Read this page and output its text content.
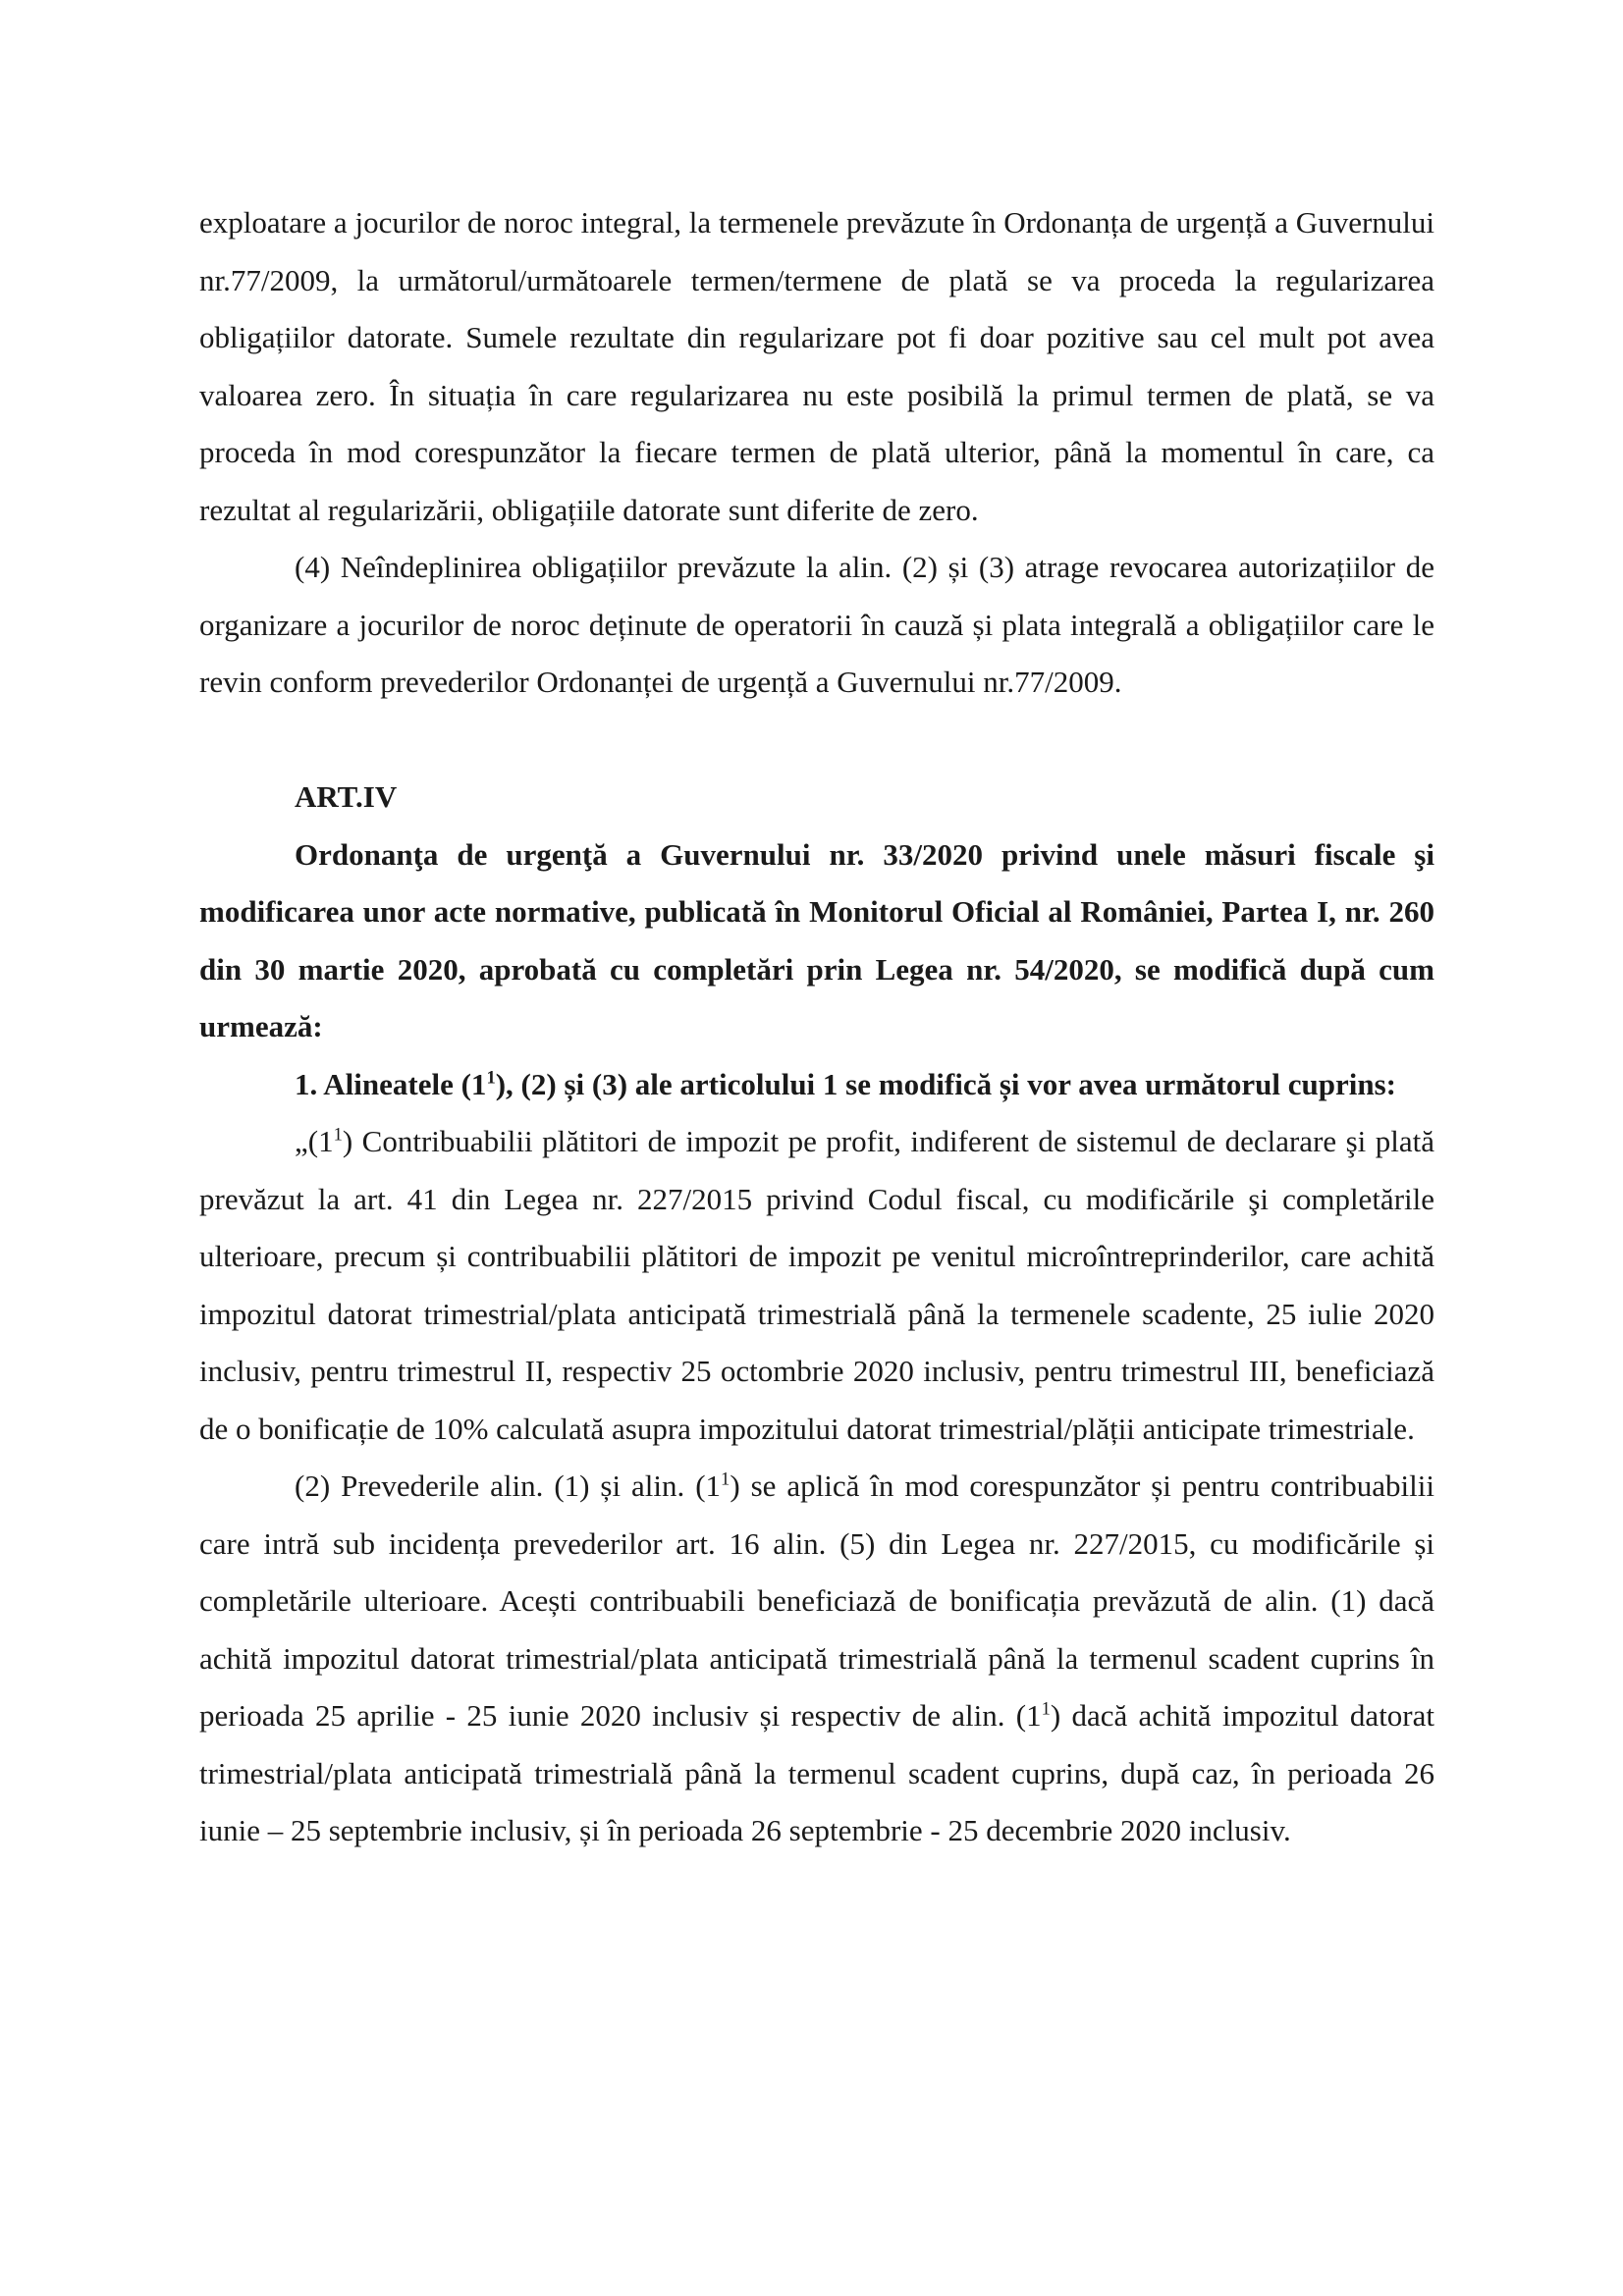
exploatare a jocurilor de noroc integral, la termenele prevăzute în Ordonanța de urgență a Guvernului nr.77/2009, la următorul/următoarele termen/termene de plată se va proceda la regularizarea obligațiilor datorate. Sumele rezultate din regularizare pot fi doar pozitive sau cel mult pot avea valoarea zero. În situația în care regularizarea nu este posibilă la primul termen de plată, se va proceda în mod corespunzător la fiecare termen de plată ulterior, până la momentul în care, ca rezultat al regularizării, obligațiile datorate sunt diferite de zero.

(4) Neîndeplinirea obligațiilor prevăzute la alin. (2) și (3) atrage revocarea autorizațiilor de organizare a jocurilor de noroc deținute de operatorii în cauză și plata integrală a obligațiilor care le revin conform prevederilor Ordonanței de urgență a Guvernului nr.77/2009.

ART.IV

Ordonanţa de urgenţă a Guvernului nr. 33/2020 privind unele măsuri fiscale şi modificarea unor acte normative, publicată în Monitorul Oficial al României, Partea I, nr. 260 din 30 martie 2020, aprobată cu completări prin Legea nr. 54/2020, se modifică după cum urmează:

1. Alineatele $(1^1)$, (2) și (3) ale articolului 1 se modifică și vor avea următorul cuprins:

$„(1^1)$ Contribuabilii plătitori de impozit pe profit, indiferent de sistemul de declarare şi plată prevăzut la art. 41 din Legea nr. 227/2015 privind Codul fiscal, cu modificările şi completările ulterioare, precum și contribuabilii plătitori de impozit pe venitul microîntreprinderilor, care achită impozitul datorat trimestrial/plata anticipată trimestrială până la termenele scadente, 25 iulie 2020 inclusiv, pentru trimestrul II, respectiv 25 octombrie 2020 inclusiv, pentru trimestrul III, beneficiază de o bonificație de 10% calculată asupra impozitului datorat trimestrial/plății anticipate trimestriale.

(2) Prevederile alin. (1) și alin. $(1^1)$ se aplică în mod corespunzător și pentru contribuabilii care intră sub incidența prevederilor art. 16 alin. (5) din Legea nr. 227/2015, cu modificările și completările ulterioare. Acești contribuabili beneficiază de bonificația prevăzută de alin. (1) dacă achită impozitul datorat trimestrial/plata anticipată trimestrială până la termenul scadent cuprins în perioada 25 aprilie - 25 iunie 2020 inclusiv și respectiv de alin. $(1^1)$ dacă achită impozitul datorat trimestrial/plata anticipată trimestrială până la termenul scadent cuprins, după caz, în perioada 26 iunie – 25 septembrie inclusiv, și în perioada 26 septembrie - 25 decembrie 2020 inclusiv.
